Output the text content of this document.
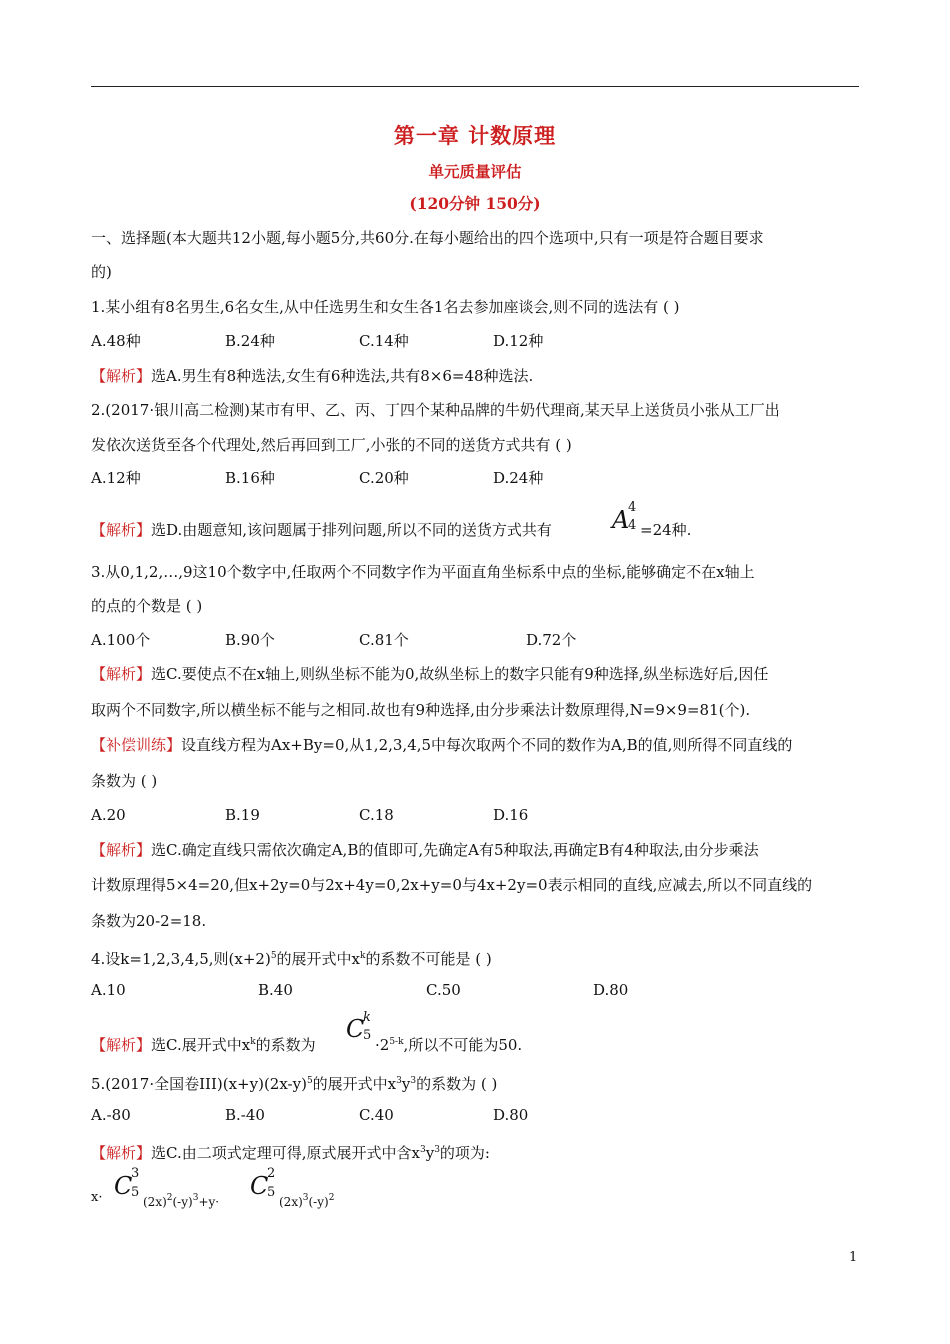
第一章 计数原理
单元质量评估
(120分钟 150分)
一、选择题(本大题共12小题,每小题5分,共60分.在每小题给出的四个选项中,只有一项是符合题目要求
的)
1.某小组有8名男生,6名女生,从中任选男生和女生各1名去参加座谈会,则不同的选法有 ( )
A.48种	B.24种	C.14种	D.12种
【解析】选A.男生有8种选法,女生有6种选法,共有8×6=48种选法.
2.(2017·银川高二检测)某市有甲、乙、丙、丁四个某种品牌的牛奶代理商,某天早上送货员小张从工厂出
发依次送货至各个代理处,然后再回到工厂,小张的不同的送货方式共有 ( )
A.12种	B.16种	C.20种	D.24种
【解析】选D.由题意知,该问题属于排列问题,所以不同的送货方式共有	A
4
4 =24种.
3.从0,1,2,…,9这10个数字中,任取两个不同数字作为平面直角坐标系中点的坐标,能够确定不在x轴上
的点的个数是 ( )
A.100个	B.90个	C.81个	D.72个
【解析】选C.要使点不在x轴上,则纵坐标不能为0,故纵坐标上的数字只能有9种选择,纵坐标选好后,因任
取两个不同数字,所以横坐标不能与之相同.故也有9种选择,由分步乘法计数原理得,N=9×9=81(个).
【补偿训练】设直线方程为Ax+By=0,从1,2,3,4,5中每次取两个不同的数作为A,B的值,则所得不同直线的
条数为 ( )
A.20	B.19	C.18	D.16
【解析】选C.确定直线只需依次确定A,B的值即可,先确定A有5种取法,再确定B有4种取法,由分步乘法
计数原理得5×4=20,但x+2y=0与2x+4y=0,2x+y=0与4x+2y=0表示相同的直线,应减去,所以不同直线的
条数为20-2=18.
4.设k=1,2,3,4,5,则$(x+2)^5$的展开式中$x^k$的系数不可能是 ( )
A.10	B.40	C.50	D.80
【解析】选C.展开式中$x^k$的系数为
C
k
5
$\cdot 2^{5-k}$,所以不可能为50.
5.(2017·全国卷$III)(x+y)(2x-y)^5$的展开式中$x^3y^3$的系数为 ( )
A.-80	B.-40	C.40	D.80
【解析】选C.由二项式定理可得,原式展开式中含$x^3y^3$的项为:
x· C
3
5
$(2x)^2(-y)^3+y\cdot$
C
2
5
$(2x)^3(-y)^2$
1
